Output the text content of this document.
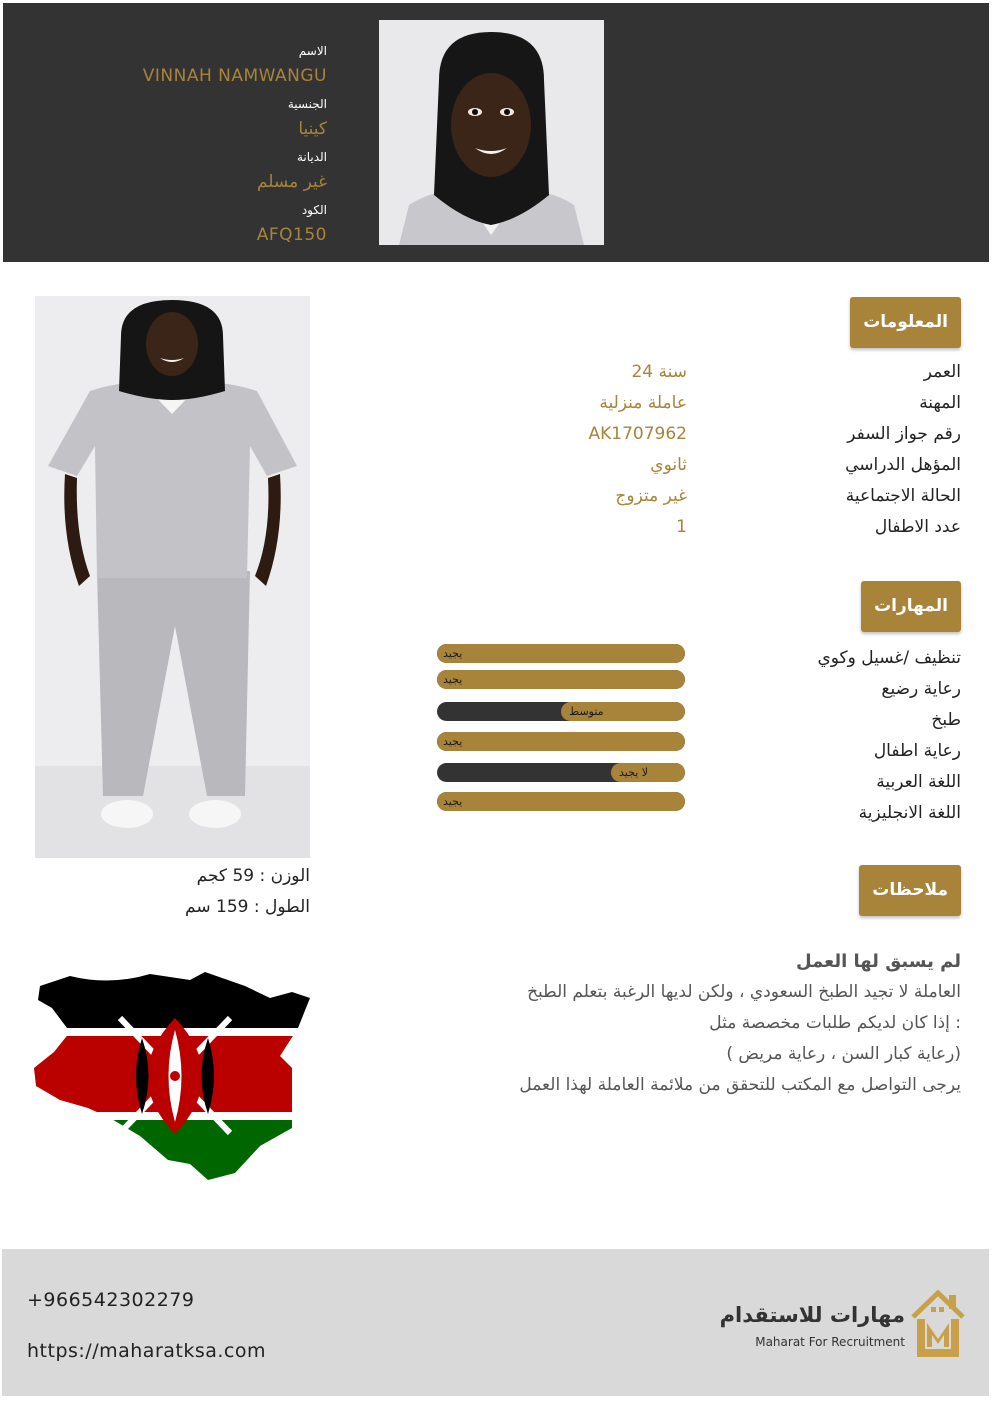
الاسم
VINNAH NAMWANGU
الجنسية
كينيا
الديانة
غير مسلم
الكود
AFQ150
الوزن : 59 كجم
الطول : 159 سم
المعلومات
العمر
24 سنة
المهنة
عاملة منزلية
رقم جواز السفر
AK1707962
المؤهل الدراسي
ثانوي
الحالة الاجتماعية
غير متزوج
عدد الاطفال
1
المهارات
تنظيف /غسيل وكوي
رعاية رضيع
طبخ
رعاية اطفال
اللغة العربية
اللغة الانجليزية
يجيد
يجيد
متوسط
يجيد
لا يجيد
يجيد
ملاحظات
لم يسبق لها العمل
العاملة لا تجيد الطبخ السعودي ، ولكن لديها الرغبة بتعلم الطبخ
إذا كان لديكم طلبات مخصصة مثل :
( رعاية كبار السن ، رعاية مريض)
يرجى التواصل مع المكتب للتحقق من ملائمة العاملة لهذا العمل
+966542302279
https://maharatksa.com
مهارات للاستقدام
Maharat For Recruitment
